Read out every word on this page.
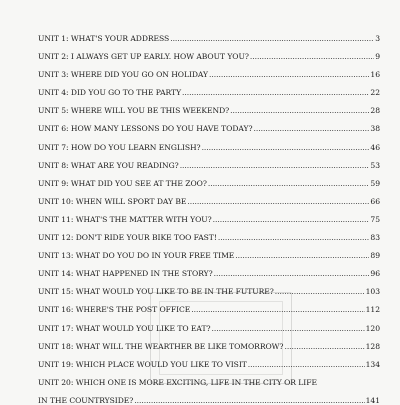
UNIT 1: WHAT'S YOUR ADDRESS .....	3
UNIT 2: I ALWAYS GET UP EARLY. HOW ABOUT YOU? .....	9
UNIT 3: WHERE DID YOU GO ON HOLIDAY .....	16
UNIT 4: DID YOU GO TO THE PARTY .....	22
UNIT 5: WHERE WILL YOU BE THIS WEEKEND? .....	28
UNIT 6: HOW MANY LESSONS DO YOU HAVE TODAY? .....	38
UNIT 7: HOW DO YOU LEARN ENGLISH? .....	46
UNIT 8: WHAT ARE YOU READING? .....	53
UNIT 9: WHAT DID YOU SEE AT THE ZOO? .....	59
UNIT 10: WHEN WILL SPORT DAY BE .....	66
UNIT 11: WHAT'S THE MATTER WITH YOU? .....	75
UNIT 12: DON'T RIDE YOUR BIKE TOO FAST! .....	83
UNIT 13: WHAT DO YOU DO IN YOUR FREE TIME .....	89
UNIT 14: WHAT HAPPENED IN THE STORY? .....	96
UNIT 15: WHAT WOULD YOU LIKE TO BE IN THE FUTURE? .....	103
UNIT 16: WHERE'S THE POST OFFICE .....	112
UNIT 17: WHAT WOULD YOU LIKE TO EAT? .....	120
UNIT 18: WHAT WILL THE WEARTHER BE LIKE TOMORROW? .....	128
UNIT 19: WHICH PLACE WOULD YOU LIKE TO VISIT .....	134
UNIT 20: WHICH ONE IS MORE EXCITING, LIFE IN THE CITY OR LIFE
IN THE COUNTRYSIDE? .....	141
